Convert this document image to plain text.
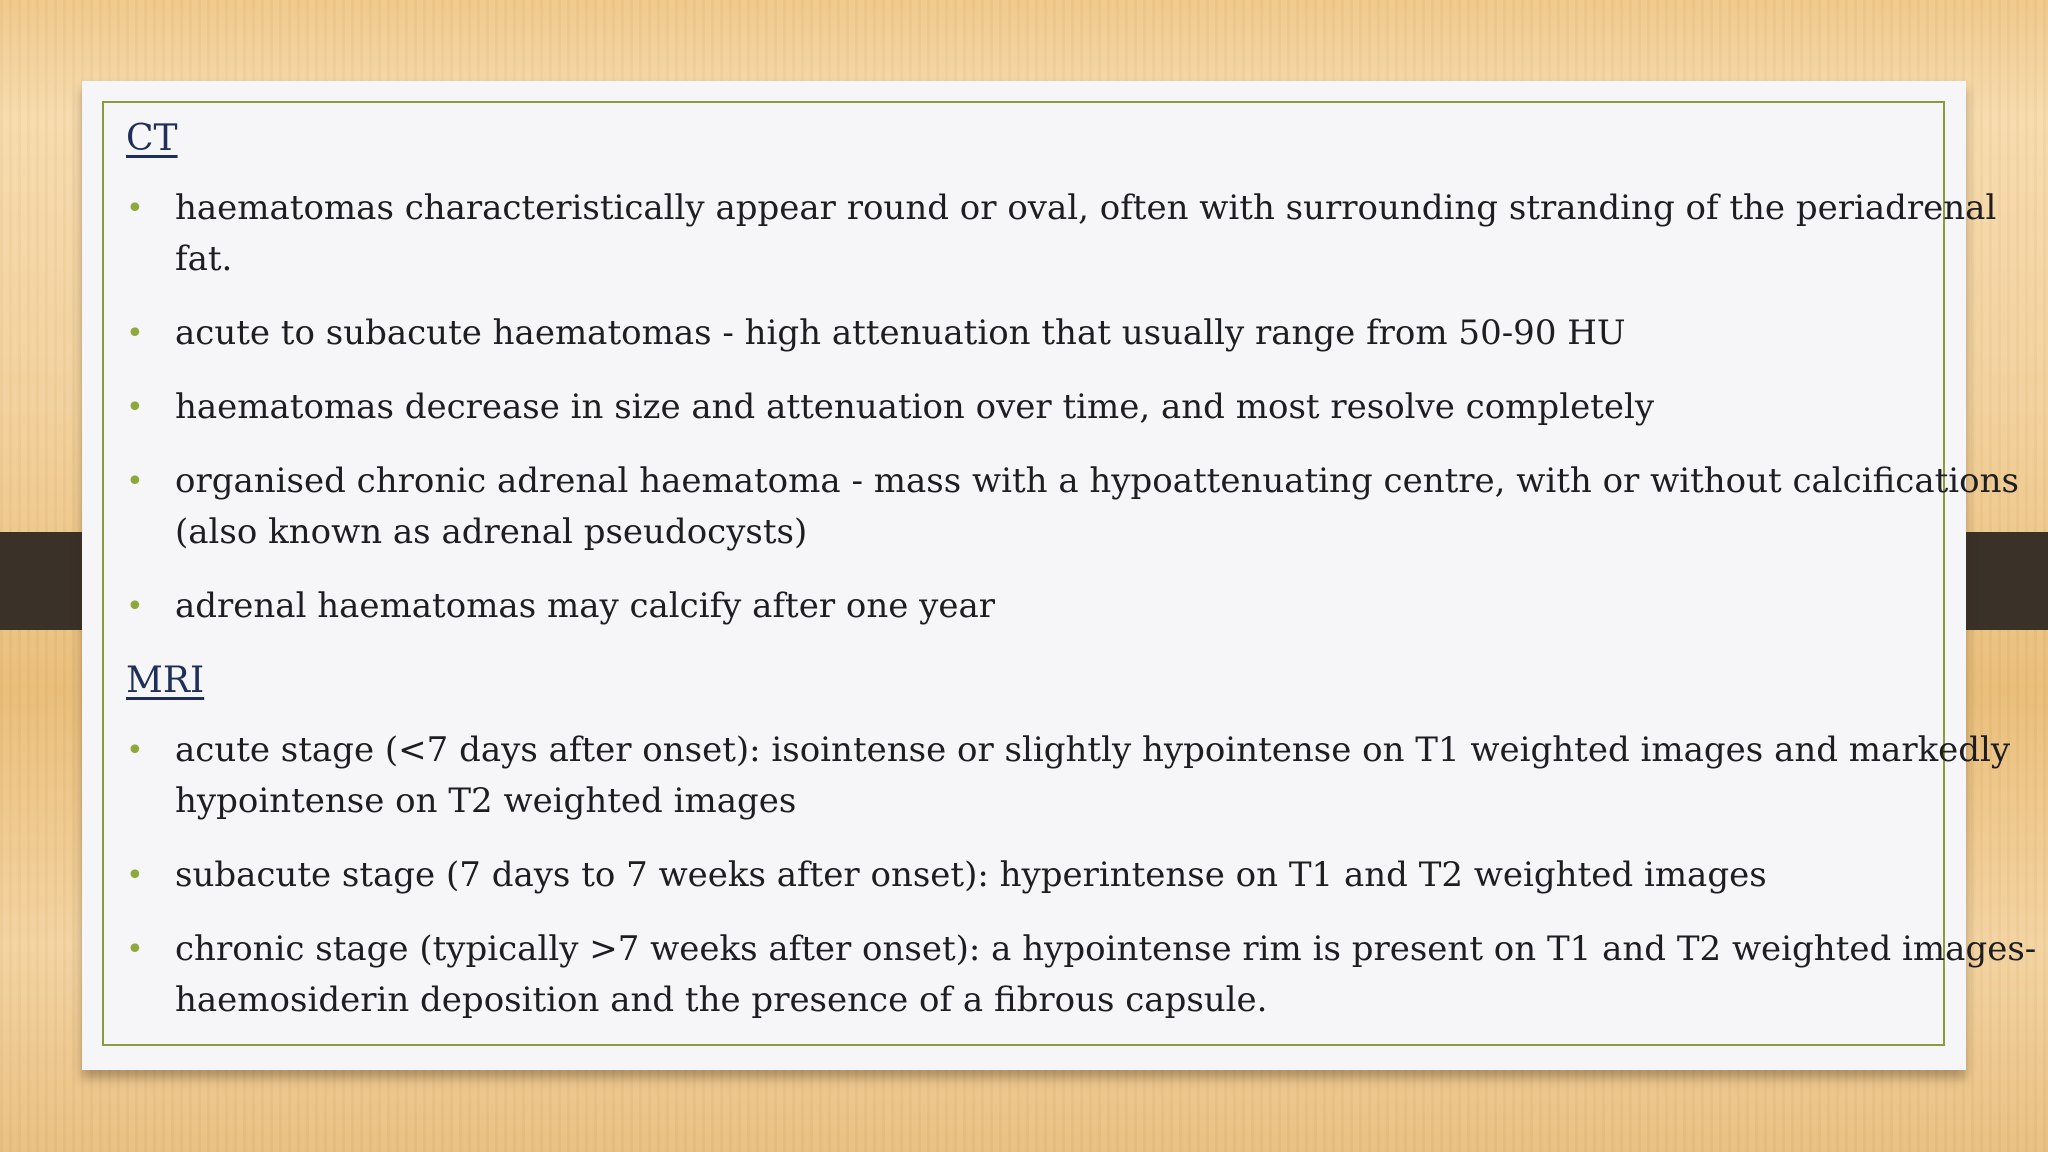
CT
• haematomas characteristically appear round or oval, often with surrounding stranding of the periadrenal
fat.
• acute to subacute haematomas - high attenuation that usually range from 50-90 HU
• haematomas decrease in size and attenuation over time, and most resolve completely
• organised chronic adrenal haematoma - mass with a hypoattenuating centre, with or without calcifications
(also known as adrenal pseudocysts)
• adrenal haematomas may calcify after one year
MRI
• acute stage (<7 days after onset): isointense or slightly hypointense on T1 weighted images and markedly
hypointense on T2 weighted images
• subacute stage (7 days to 7 weeks after onset): hyperintense on T1 and T2 weighted images
• chronic stage (typically >7 weeks after onset): a hypointense rim is present on T1 and T2 weighted images-
haemosiderin deposition and the presence of a fibrous capsule.
